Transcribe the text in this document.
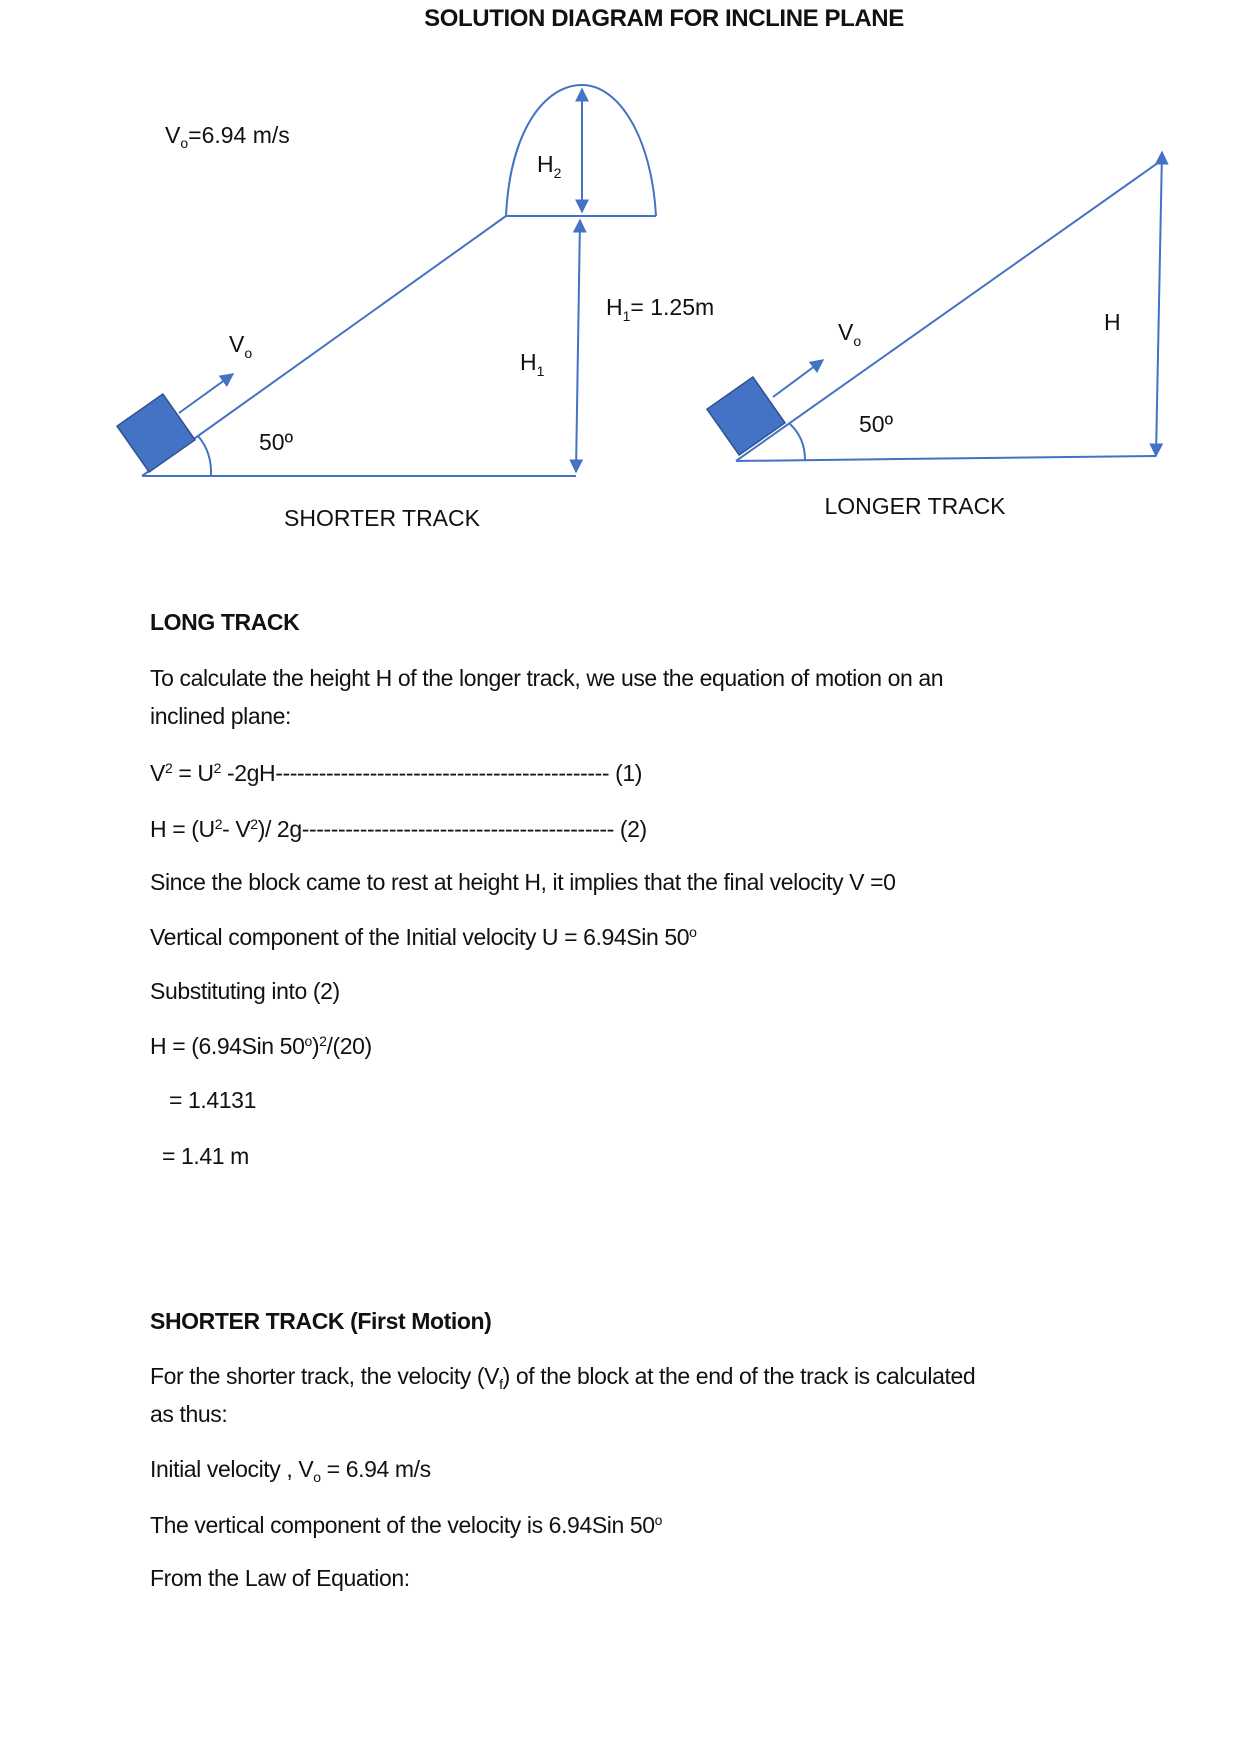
SOLUTION DIAGRAM FOR INCLINE PLANE
$V_o=6.94$ m/s
$V_o$
50º
$H_1$
$H_2$
$H_1= 1.25m$
SHORTER TRACK
$V_o$
50º
H
LONGER TRACK
LONG TRACK
To calculate the height H of the longer track, we use the equation of motion on an
inclined plane:
$V^2 = U^2$ -2gH---------------------------------------------- (1)
$H = (U^2-$ $V^2)/$ 2g------------------------------------------- (2)
Since the block came to rest at height H, it implies that the final velocity V =0
Vertical component of the Initial velocity U = 6.94Sin 50$^o$
Substituting into (2)
H = (6.94Sin $50^o)^2/(20)$
= 1.4131
= 1.41 m
SHORTER TRACK (First Motion)
For the shorter track, the velocity $(V_f)$ of the block at the end of the track is calculated
as thus:
Initial velocity , $V_o = 6.94$ m/s
The vertical component of the velocity is 6.94Sin 50$^o$
From the Law of Equation:
